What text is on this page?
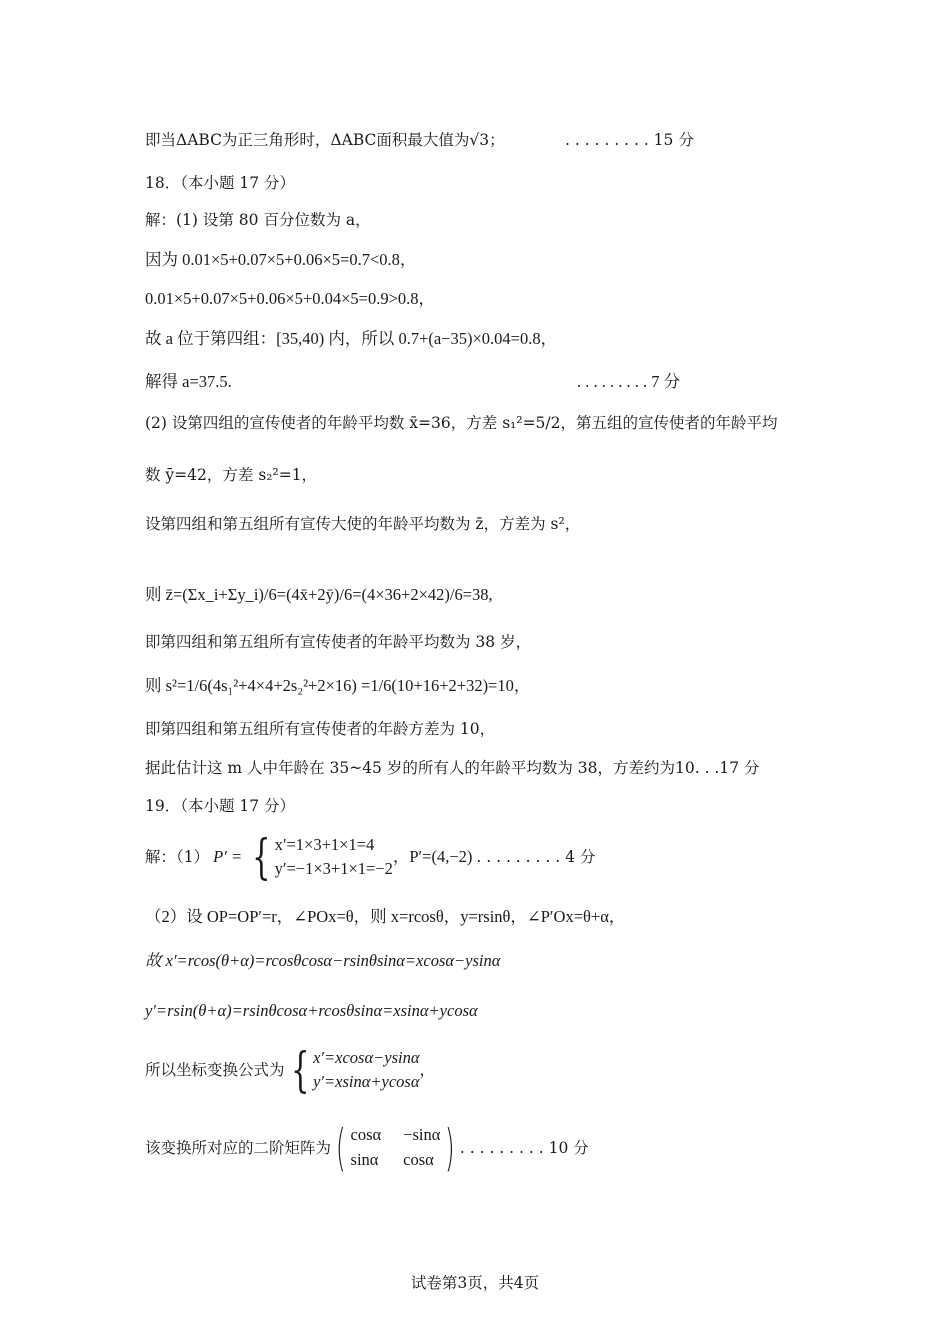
即当ΔABC为正三角形时，ΔABC面积最大值为√3；	. . . . . . . . . 15 分
18．（本小题 17 分）
解：(1) 设第 80 百分位数为 a，
因为 0.01×5+0.07×5+0.06×5=0.7<0.8，
0.01×5+0.07×5+0.06×5+0.04×5=0.9>0.8，
故 a 位于第四组：[35,40) 内，所以 0.7+(a−35)×0.04=0.8，
解得 a=37.5.	. . . . . . . . . 7 分
(2) 设第四组的宣传使者的年龄平均数 x̄=36，方差 s₁²=5/2，第五组的宣传使者的年龄平均
数 ȳ=42，方差 s₂²=1，
设第四组和第五组所有宣传大使的年龄平均数为 z̄，方差为 s²，
则 z̄=(Σx_i+Σy_i)/6=(4x̄+2ȳ)/6=(4×36+2×42)/6=38,
即第四组和第五组所有宣传使者的年龄平均数为 38 岁，
则 s²=1/6(4s₁²+4×4+2s₂²+2×16) =1/6(10+16+2+32)=10，
即第四组和第五组所有宣传使者的年龄方差为 10，
据此估计这 m 人中年龄在 35~45 岁的所有人的年龄平均数为 38，方差约为10. . .17 分
19．（本小题 17 分）
解：（1） P′ = { x′=1×3+1×1=4
y′=−1×3+1×1=−2
，P′=(4,−2) . . . . . . . . . 4 分
（2）设 OP=OP′=r，∠POx=θ，则 x=rcosθ，y=rsinθ，∠P′Ox=θ+α，
故 x′=rcos(θ+α)=rcosθcosα−rsinθsinα=xcosα−ysinα
y′=rsin(θ+α)=rsinθcosα+rcosθsinα=xsinα+ycosα
所以坐标变换公式为 { x′=xcosα−ysinα
y′=xsinα+ycosα
，
该变换所对应的二阶矩阵为 ( cosα −sinα
sinα cosα ) . . . . . . . . . 10 分
试卷第3页，共4页
